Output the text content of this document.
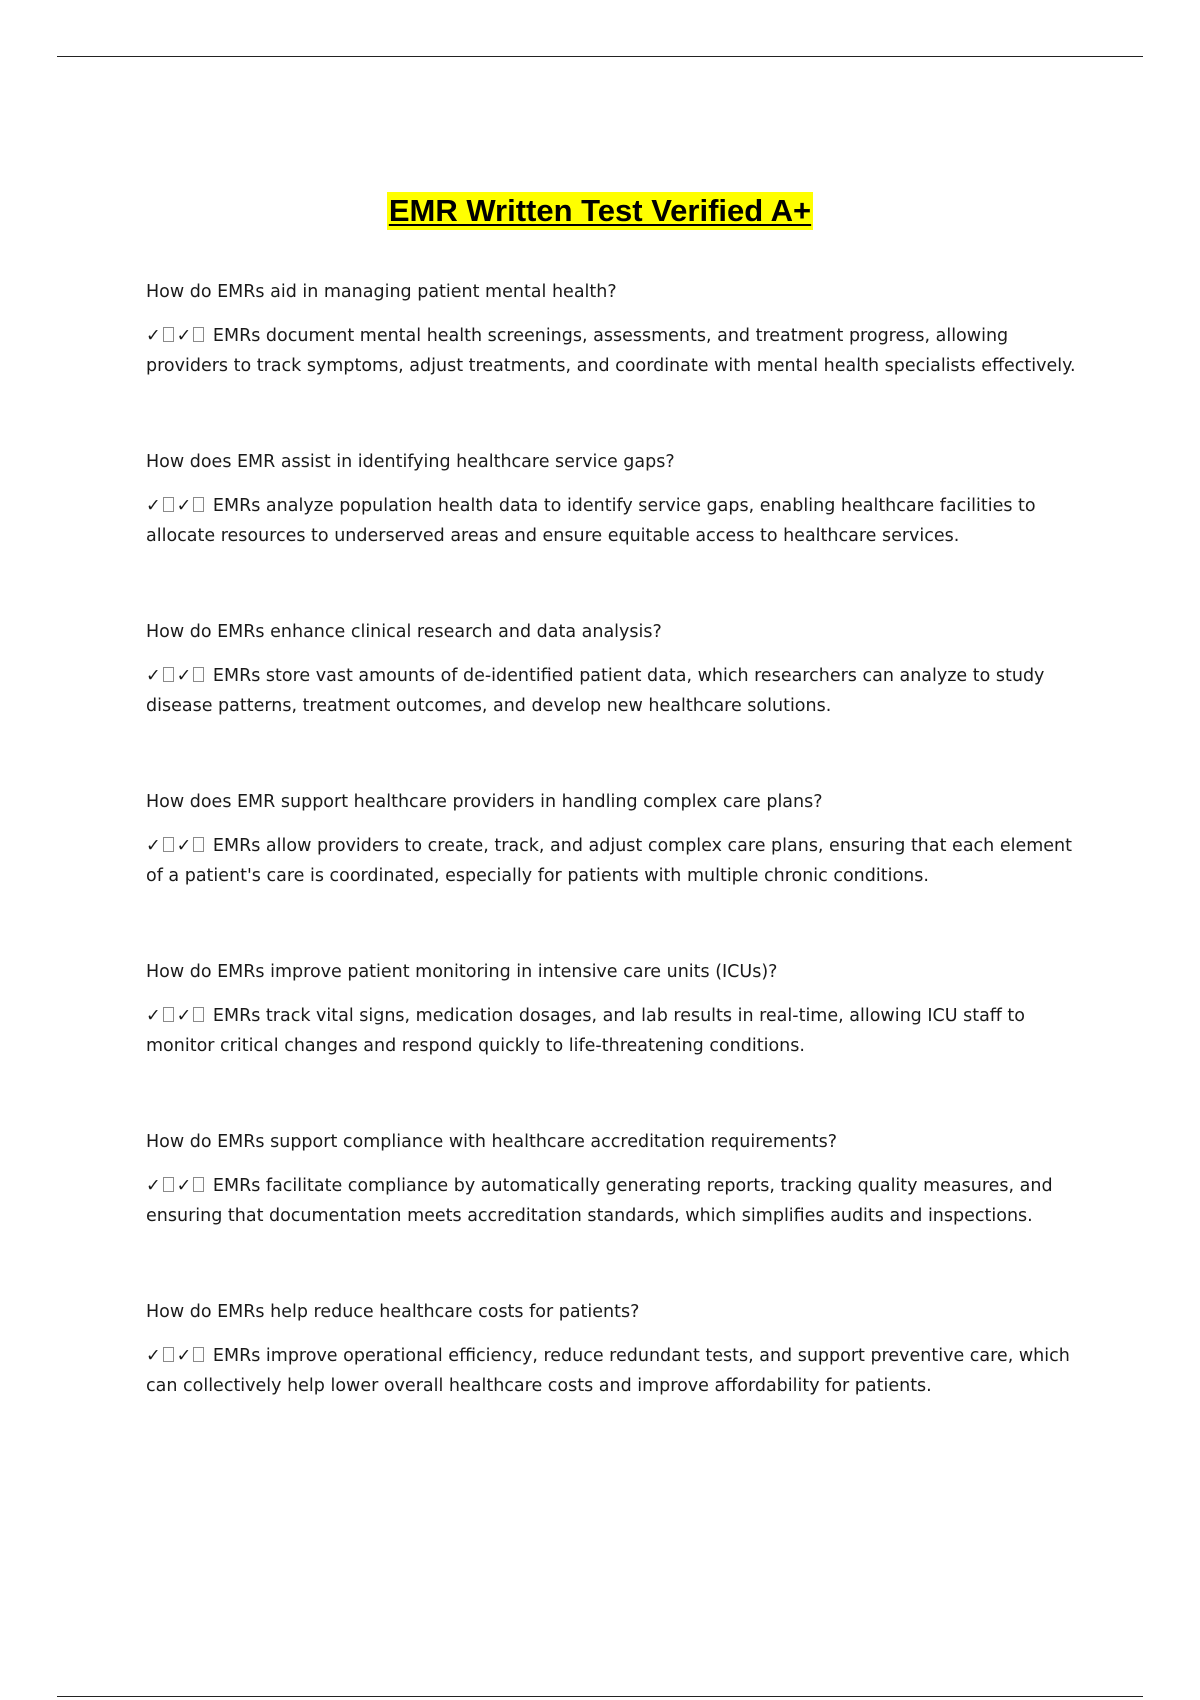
EMR Written Test Verified A+

How do EMRs aid in managing patient mental health?

✓ ✓ EMRs document mental health screenings, assessments, and treatment progress, allowing providers to track symptoms, adjust treatments, and coordinate with mental health specialists effectively.

How does EMR assist in identifying healthcare service gaps?

✓ ✓ EMRs analyze population health data to identify service gaps, enabling healthcare facilities to allocate resources to underserved areas and ensure equitable access to healthcare services.

How do EMRs enhance clinical research and data analysis?

✓ ✓ EMRs store vast amounts of de-identified patient data, which researchers can analyze to study disease patterns, treatment outcomes, and develop new healthcare solutions.

How does EMR support healthcare providers in handling complex care plans?

✓ ✓ EMRs allow providers to create, track, and adjust complex care plans, ensuring that each element of a patient's care is coordinated, especially for patients with multiple chronic conditions.

How do EMRs improve patient monitoring in intensive care units (ICUs)?

✓ ✓ EMRs track vital signs, medication dosages, and lab results in real-time, allowing ICU staff to monitor critical changes and respond quickly to life-threatening conditions.

How do EMRs support compliance with healthcare accreditation requirements?

✓ ✓ EMRs facilitate compliance by automatically generating reports, tracking quality measures, and ensuring that documentation meets accreditation standards, which simplifies audits and inspections.

How do EMRs help reduce healthcare costs for patients?

✓ ✓ EMRs improve operational efficiency, reduce redundant tests, and support preventive care, which can collectively help lower overall healthcare costs and improve affordability for patients.
